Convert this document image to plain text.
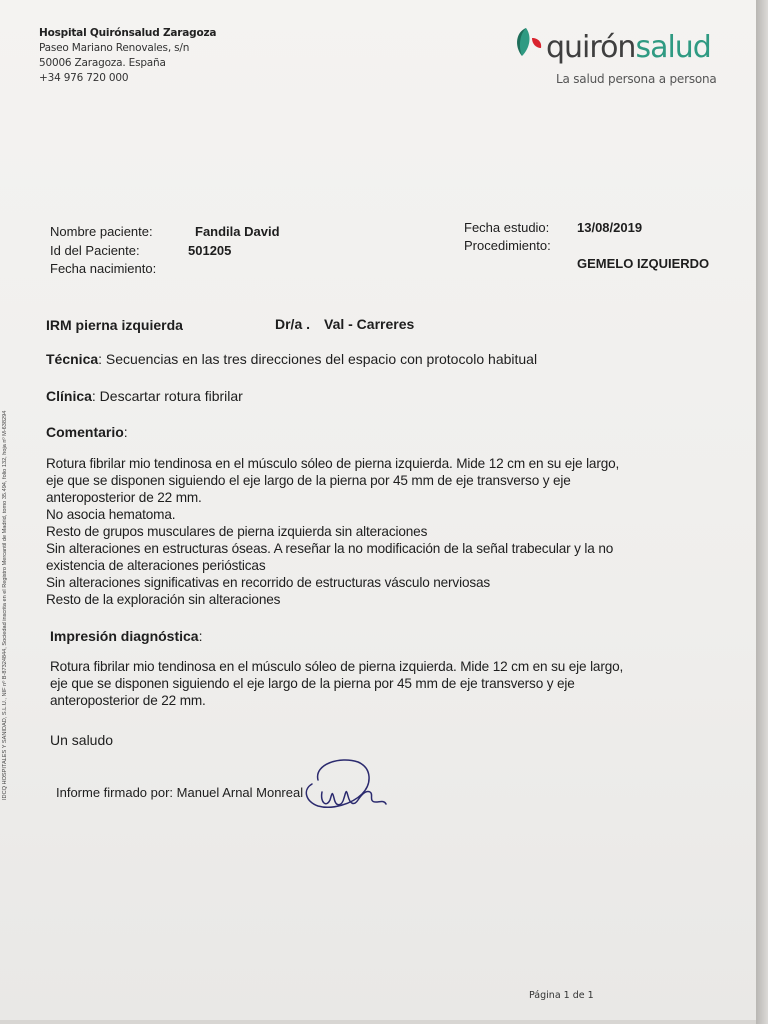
IDCQ HOSPITALES Y SANIDAD, S.L.U., NIF nº B-87324844, Sociedad inscrita en el Registro Mercantil de Madrid, tomo 35.494, folio 132, hoja nº M-638294
Hospital Quirónsalud Zaragoza
Paseo Mariano Renovales, s/n
50006 Zaragoza. España
+34 976 720 000
quirónsalud
La salud persona a persona
Nombre paciente:	Fandila David
Id del Paciente:	501205
Fecha nacimiento:
Fecha estudio: 13/08/2019
Procedimiento:
GEMELO IZQUIERDO
IRM pierna izquierda	Dr/a . Val - Carreres
Técnica: Secuencias en las tres direcciones del espacio con protocolo habitual
Clínica: Descartar rotura fibrilar
Comentario:
Rotura fibrilar mio tendinosa en el músculo sóleo de pierna izquierda. Mide 12 cm en su eje largo,
eje que se disponen siguiendo el eje largo de la pierna por 45 mm de eje transverso y eje
anteroposterior de 22 mm.
No asocia hematoma.
Resto de grupos musculares de pierna izquierda sin alteraciones
Sin alteraciones en estructuras óseas. A reseñar la no modificación de la señal trabecular y la no
existencia de alteraciones periósticas
Sin alteraciones significativas en recorrido de estructuras vásculo nerviosas
Resto de la exploración sin alteraciones
Impresión diagnóstica:
Rotura fibrilar mio tendinosa en el músculo sóleo de pierna izquierda. Mide 12 cm en su eje largo,
eje que se disponen siguiendo el eje largo de la pierna por 45 mm de eje transverso y eje
anteroposterior de 22 mm.
Un saludo
Informe firmado por: Manuel Arnal Monreal
Página 1 de 1
